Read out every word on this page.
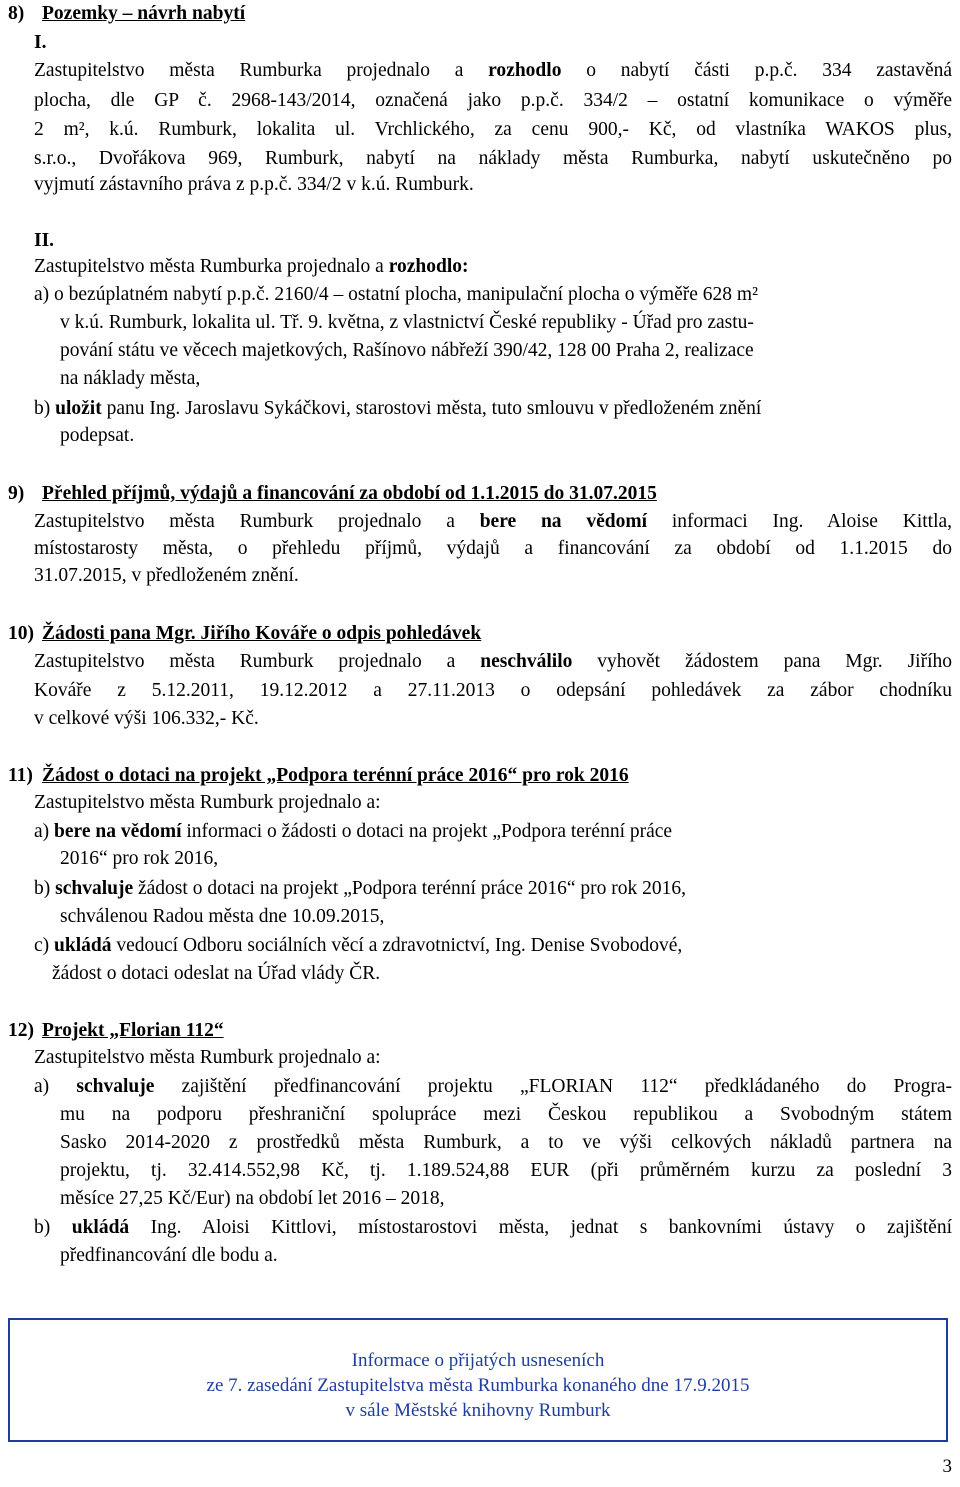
8) Pozemky – návrh nabytí
I.
Zastupitelstvo města Rumburka projednalo a rozhodlo o nabytí části p.p.č. 334 zastavěná
plocha, dle GP č. 2968-143/2014, označená jako p.p.č. 334/2 – ostatní komunikace o výměře
2 m², k.ú. Rumburk, lokalita ul. Vrchlického, za cenu 900,- Kč, od vlastníka WAKOS plus,
s.r.o., Dvořákova 969, Rumburk, nabytí na náklady města Rumburka, nabytí uskutečněno po
vyjmutí zástavního práva z p.p.č. 334/2 v k.ú. Rumburk.
II.
Zastupitelstvo města Rumburka projednalo a rozhodlo:
a) o bezúplatném nabytí p.p.č. 2160/4 – ostatní plocha, manipulační plocha o výměře 628 m²
v k.ú. Rumburk, lokalita ul. Tř. 9. května, z vlastnictví České republiky - Úřad pro zastu-
pování státu ve věcech majetkových, Rašínovo nábřeží 390/42, 128 00 Praha 2, realizace
na náklady města,
b) uložit panu Ing. Jaroslavu Sykáčkovi, starostovi města, tuto smlouvu v předloženém znění
podepsat.
9) Přehled příjmů, výdajů a financování za období od 1.1.2015 do 31.07.2015
Zastupitelstvo města Rumburk projednalo a bere na vědomí informaci Ing. Aloise Kittla,
místostarosty města, o přehledu příjmů, výdajů a financování za období od 1.1.2015 do
31.07.2015, v předloženém znění.
10) Žádosti pana Mgr. Jiřího Kováře o odpis pohledávek
Zastupitelstvo města Rumburk projednalo a neschválilo vyhovět žádostem pana Mgr. Jiřího
Kováře z 5.12.2011, 19.12.2012 a 27.11.2013 o odepsání pohledávek za zábor chodníku
v celkové výši 106.332,- Kč.
11) Žádost o dotaci na projekt „Podpora terénní práce 2016“ pro rok 2016
Zastupitelstvo města Rumburk projednalo a:
a) bere na vědomí informaci o žádosti o dotaci na projekt „Podpora terénní práce
2016“ pro rok 2016,
b) schvaluje žádost o dotaci na projekt „Podpora terénní práce 2016“ pro rok 2016,
schválenou Radou města dne 10.09.2015,
c) ukládá vedoucí Odboru sociálních věcí a zdravotnictví, Ing. Denise Svobodové,
žádost o dotaci odeslat na Úřad vlády ČR.
12) Projekt „Florian 112“
Zastupitelstvo města Rumburk projednalo a:
a) schvaluje zajištění předfinancování projektu „FLORIAN 112“ předkládaného do Progra-
mu na podporu přeshraniční spolupráce mezi Českou republikou a Svobodným státem
Sasko 2014-2020 z prostředků města Rumburk, a to ve výši celkových nákladů partnera na
projektu, tj. 32.414.552,98 Kč, tj. 1.189.524,88 EUR (při průměrném kurzu za poslední 3
měsíce 27,25 Kč/Eur) na období let 2016 – 2018,
b) ukládá Ing. Aloisi Kittlovi, místostarostovi města, jednat s bankovními ústavy o zajištění
předfinancování dle bodu a.
Informace o přijatých usneseních
ze 7. zasedání Zastupitelstva města Rumburka konaného dne 17.9.2015
v sále Městské knihovny Rumburk
3
